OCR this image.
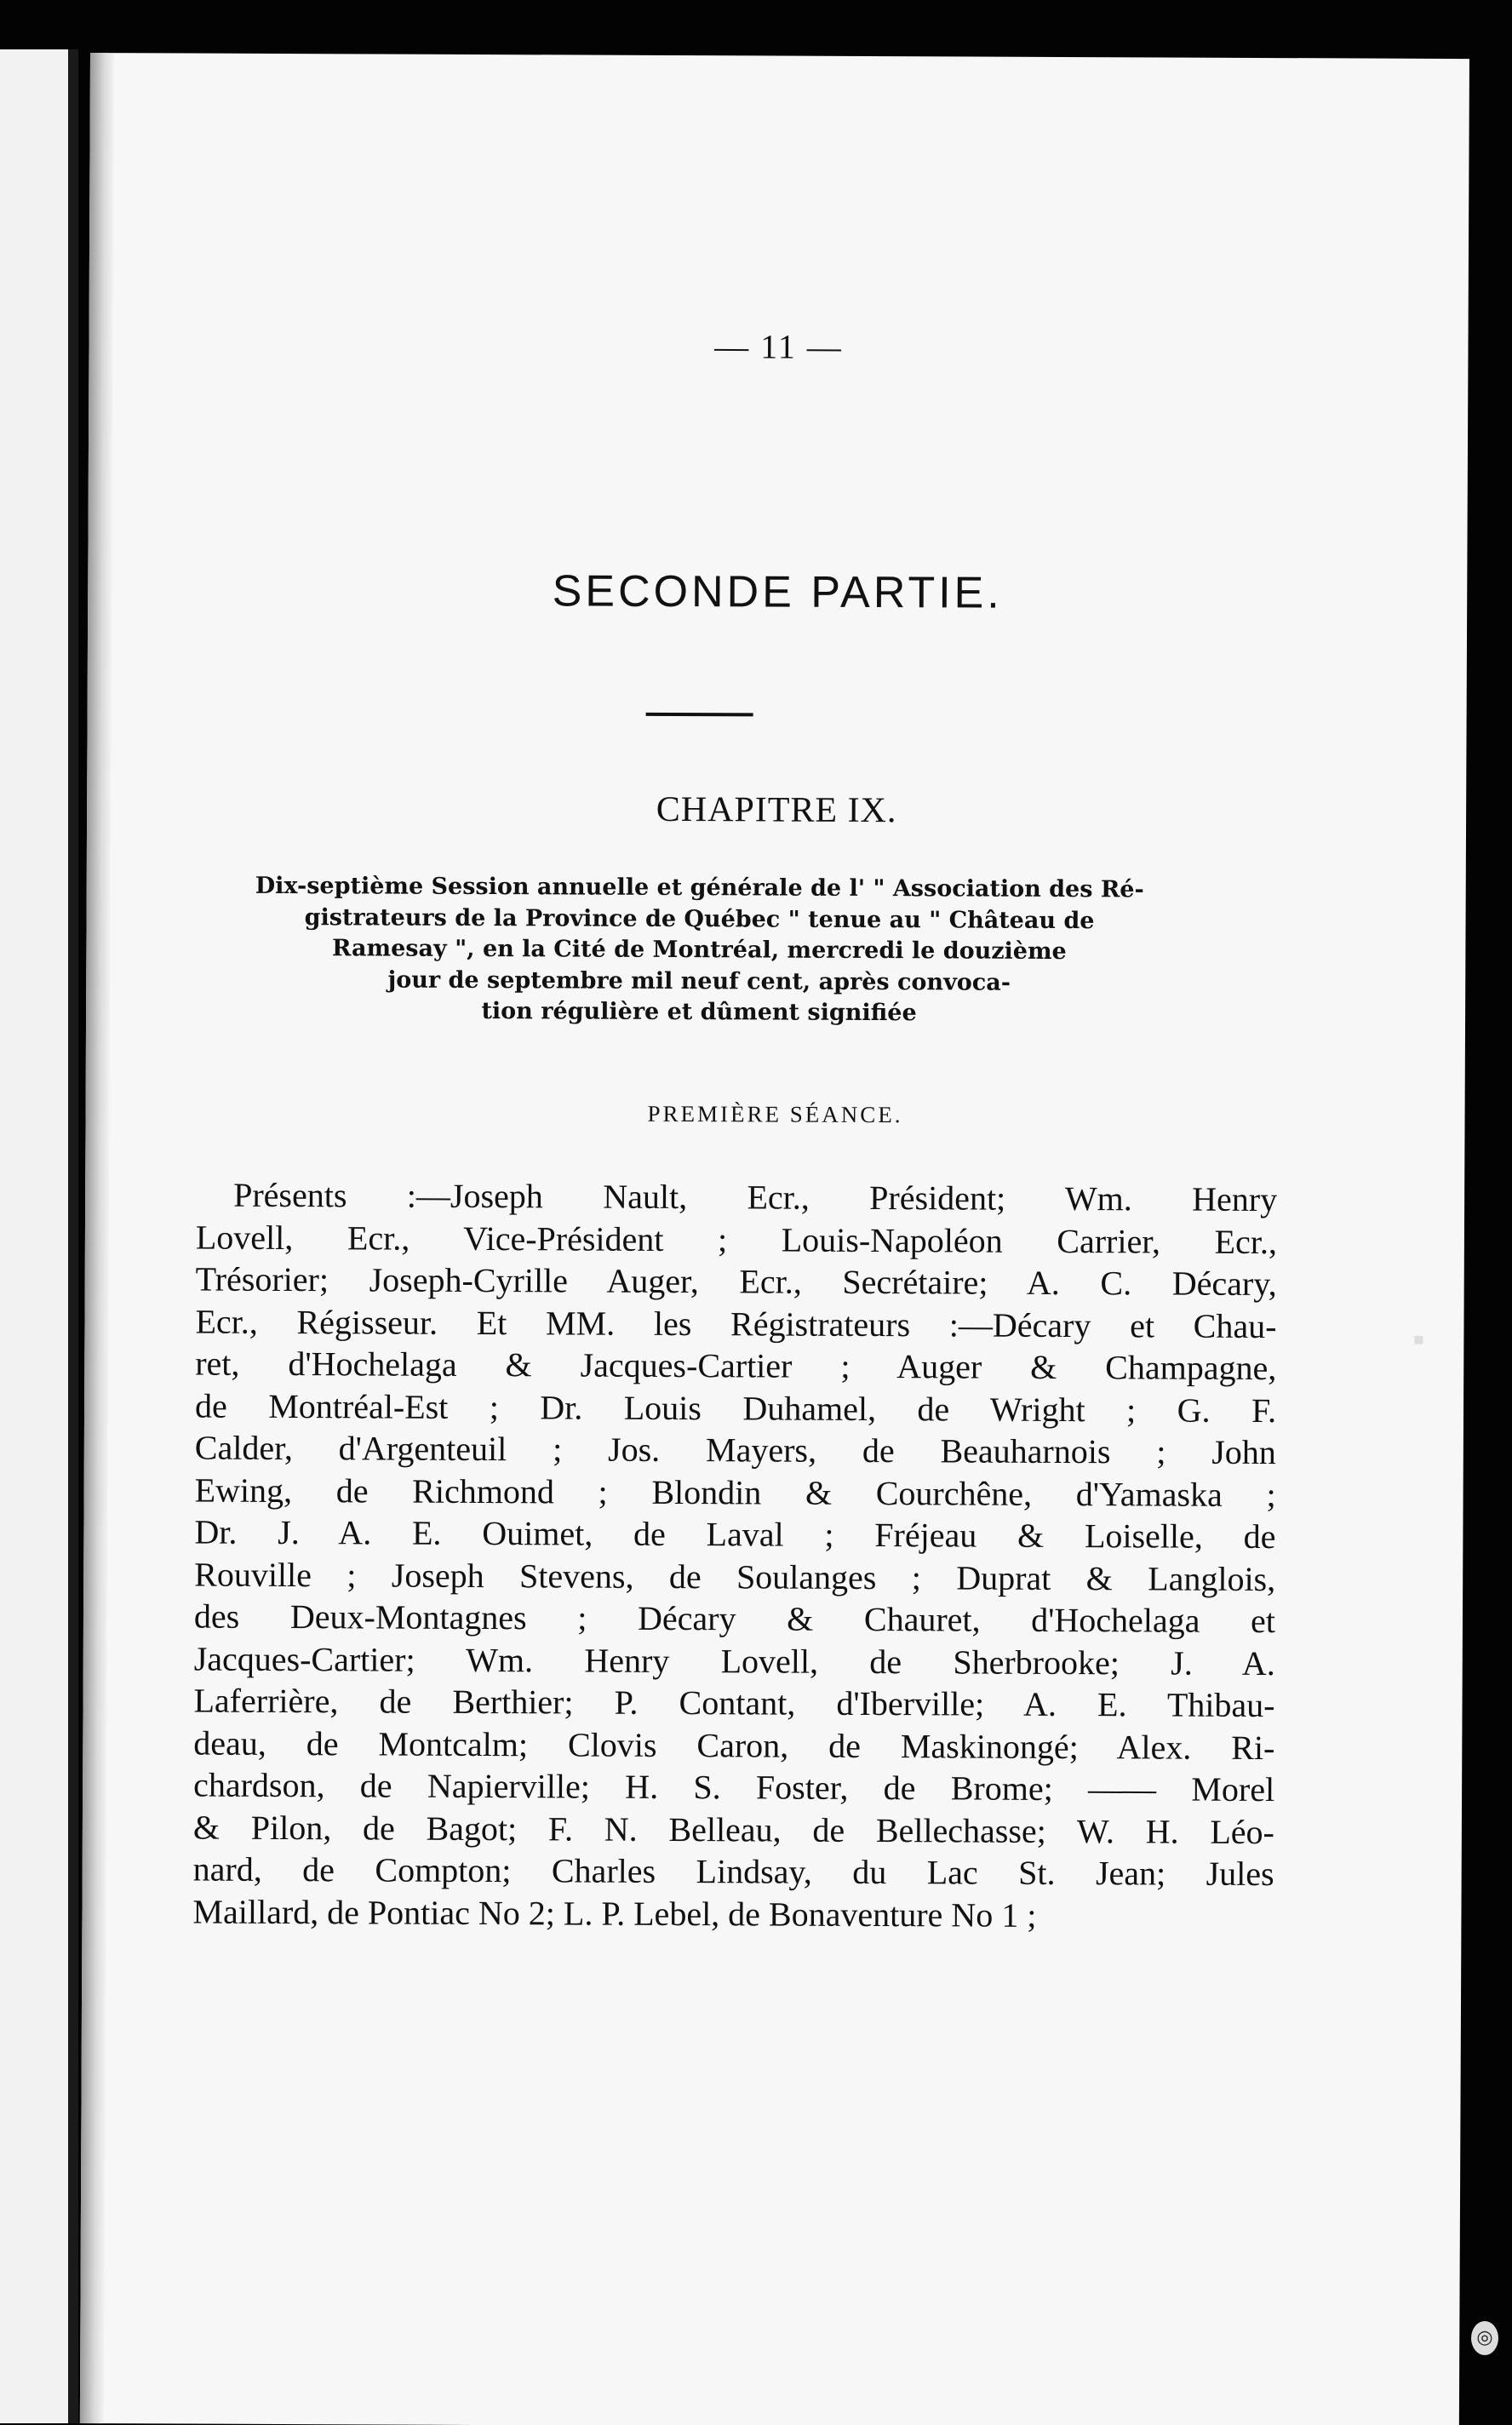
— 11 —
SECONDE PARTIE.
CHAPITRE IX.
Dix-septième Session annuelle et générale de l' " Association des Ré-
gistrateurs de la Province de Québec " tenue au " Château de
Ramesay ", en la Cité de Montréal, mercredi le douzième
jour de septembre mil neuf cent, après convoca-
tion régulière et dûment signifiée
PREMIÈRE SÉANCE.
Présents :—Joseph Nault, Ecr., Président; Wm. Henry
Lovell, Ecr., Vice-Président ; Louis-Napoléon Carrier, Ecr.,
Trésorier; Joseph-Cyrille Auger, Ecr., Secrétaire; A. C. Décary,
Ecr., Régisseur. Et MM. les Régistrateurs :—Décary et Chau-
ret, d'Hochelaga & Jacques-Cartier ; Auger & Champagne,
de Montréal-Est ; Dr. Louis Duhamel, de Wright ; G. F.
Calder, d'Argenteuil ; Jos. Mayers, de Beauharnois ; John
Ewing, de Richmond ; Blondin & Courchêne, d'Yamaska ;
Dr. J. A. E. Ouimet, de Laval ; Fréjeau & Loiselle, de
Rouville ; Joseph Stevens, de Soulanges ; Duprat & Langlois,
des Deux-Montagnes ; Décary & Chauret, d'Hochelaga et
Jacques-Cartier; Wm. Henry Lovell, de Sherbrooke; J. A.
Laferrière, de Berthier; P. Contant, d'Iberville; A. E. Thibau-
deau, de Montcalm; Clovis Caron, de Maskinongé; Alex. Ri-
chardson, de Napierville; H. S. Foster, de Brome; —— Morel
& Pilon, de Bagot; F. N. Belleau, de Bellechasse; W. H. Léo-
nard, de Compton; Charles Lindsay, du Lac St. Jean; Jules
Maillard, de Pontiac No 2; L. P. Lebel, de Bonaventure No 1 ;
◎
